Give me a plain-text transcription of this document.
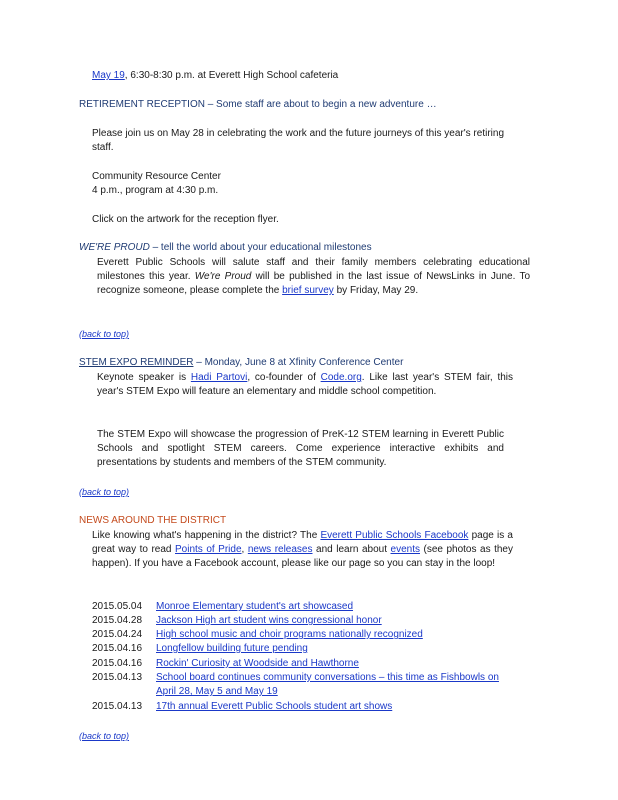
May 19, 6:30-8:30 p.m. at Everett High School cafeteria
RETIREMENT RECEPTION – Some staff are about to begin a new adventure …
Please join us on May 28 in celebrating the work and the future journeys of this year's retiring staff.
Community Resource Center
4 p.m., program at 4:30 p.m.
Click on the artwork for the reception flyer.
WE'RE PROUD – tell the world about your educational milestones
Everett Public Schools will salute staff and their family members celebrating educational milestones this year. We're Proud will be published in the last issue of NewsLinks in June. To recognize someone, please complete the brief survey by Friday, May 29.
(back to top)
STEM EXPO REMINDER – Monday, June 8 at Xfinity Conference Center
Keynote speaker is Hadi Partovi, co-founder of Code.org. Like last year's STEM fair, this year's STEM Expo will feature an elementary and middle school competition.
The STEM Expo will showcase the progression of PreK-12 STEM learning in Everett Public Schools and spotlight STEM careers. Come experience interactive exhibits and presentations by students and members of the STEM community.
(back to top)
NEWS AROUND THE DISTRICT
Like knowing what's happening in the district? The Everett Public Schools Facebook page is a great way to read Points of Pride, news releases and learn about events (see photos as they happen). If you have a Facebook account, please like our page so you can stay in the loop!
2015.05.04 Monroe Elementary student's art showcased
2015.04.28 Jackson High art student wins congressional honor
2015.04.24 High school music and choir programs nationally recognized
2015.04.16 Longfellow building future pending
2015.04.16 Rockin' Curiosity at Woodside and Hawthorne
2015.04.13	School board continues community conversations – this time as Fishbowls on April 28, May 5 and May 19
2015.04.13 17th annual Everett Public Schools student art shows
(back to top)
